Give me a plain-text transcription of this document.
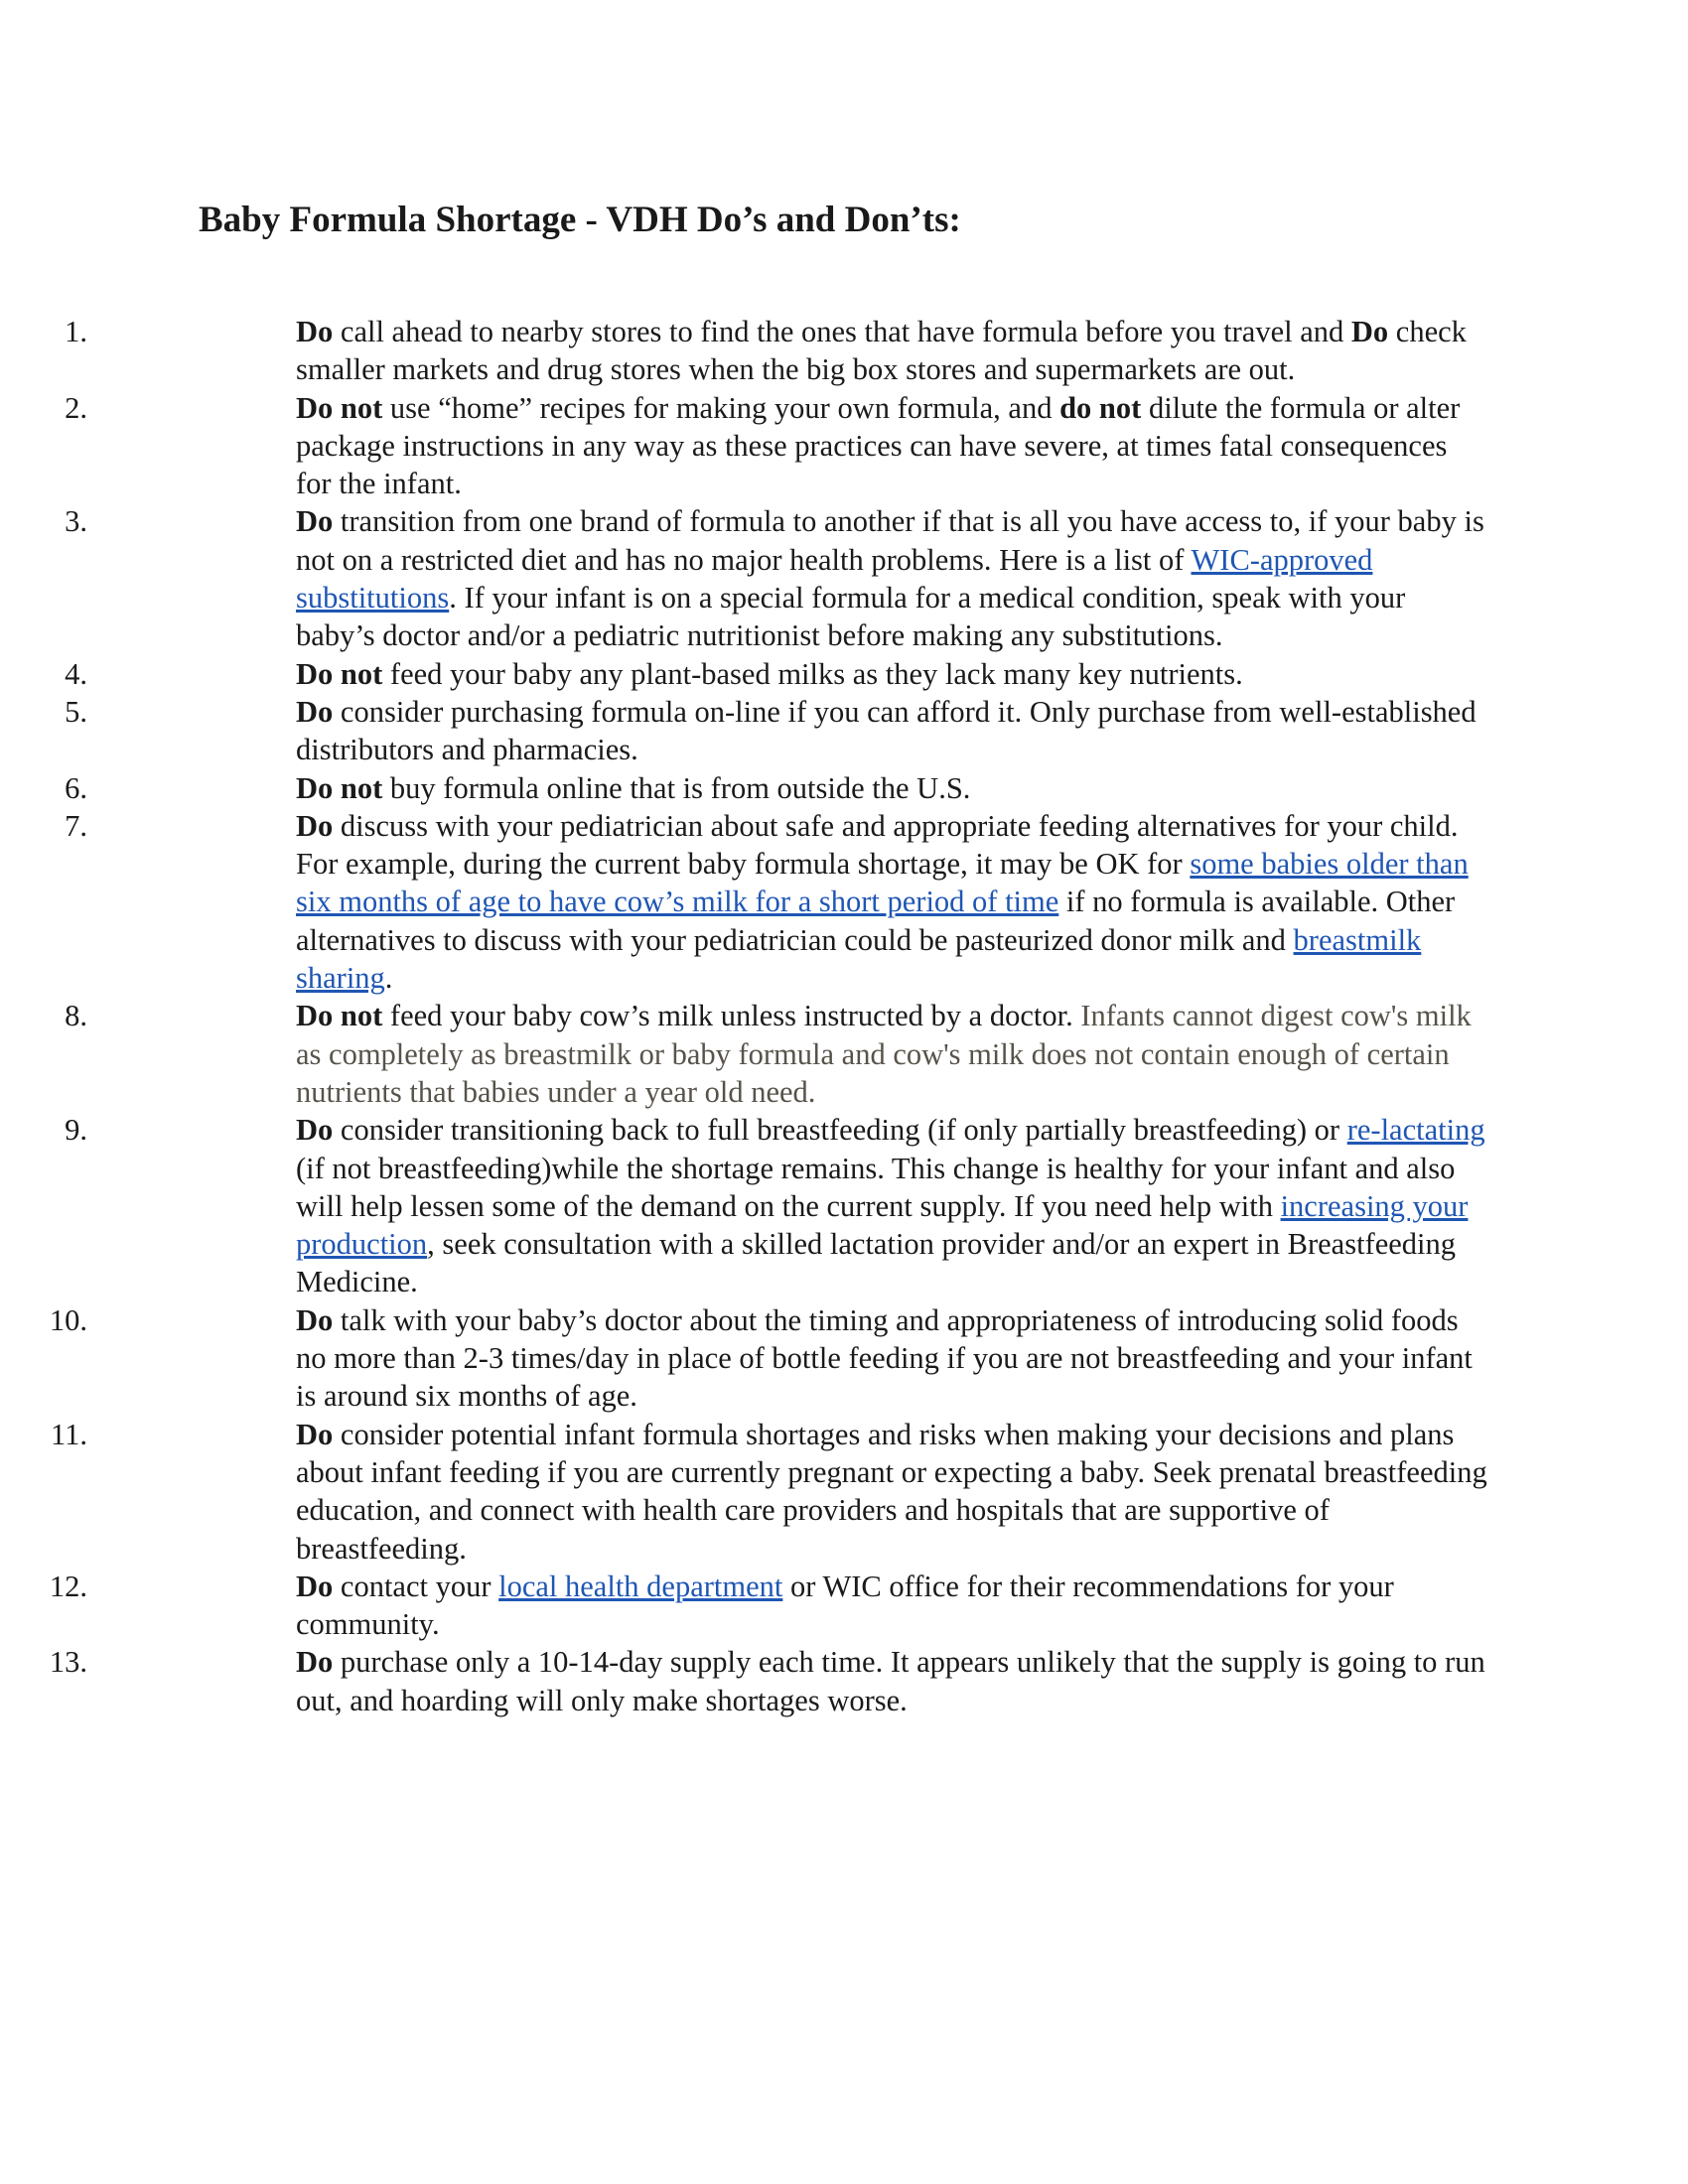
Baby Formula Shortage - VDH Do’s and Don’ts:
1.	Do call ahead to nearby stores to find the ones that have formula before you travel and Do check smaller markets and drug stores when the big box stores and supermarkets are out.
2.	Do not use “home” recipes for making your own formula, and do not dilute the formula or alter package instructions in any way as these practices can have severe, at times fatal consequences for the infant.
3.	Do transition from one brand of formula to another if that is all you have access to, if your baby is not on a restricted diet and has no major health problems. Here is a list of WIC-approved substitutions. If your infant is on a special formula for a medical condition, speak with your baby’s doctor and/or a pediatric nutritionist before making any substitutions.
4.	Do not feed your baby any plant-based milks as they lack many key nutrients.
5.	Do consider purchasing formula on-line if you can afford it. Only purchase from well-established distributors and pharmacies.
6.	Do not buy formula online that is from outside the U.S.
7.	Do discuss with your pediatrician about safe and appropriate feeding alternatives for your child. For example, during the current baby formula shortage, it may be OK for some babies older than six months of age to have cow’s milk for a short period of time if no formula is available. Other alternatives to discuss with your pediatrician could be pasteurized donor milk and breastmilk sharing.
8.	Do not feed your baby cow’s milk unless instructed by a doctor. Infants cannot digest cow's milk as completely as breastmilk or baby formula and cow's milk does not contain enough of certain nutrients that babies under a year old need.
9.	Do consider transitioning back to full breastfeeding (if only partially breastfeeding) or re-lactating (if not breastfeeding)while the shortage remains. This change is healthy for your infant and also will help lessen some of the demand on the current supply. If you need help with increasing your production, seek consultation with a skilled lactation provider and/or an expert in Breastfeeding Medicine.
10.	Do talk with your baby’s doctor about the timing and appropriateness of introducing solid foods no more than 2-3 times/day in place of bottle feeding if you are not breastfeeding and your infant is around six months of age.
11.	Do consider potential infant formula shortages and risks when making your decisions and plans about infant feeding if you are currently pregnant or expecting a baby. Seek prenatal breastfeeding education, and connect with health care providers and hospitals that are supportive of breastfeeding.
12.	Do contact your local health department or WIC office for their recommendations for your community.
13.	Do purchase only a 10-14-day supply each time. It appears unlikely that the supply is going to run out, and hoarding will only make shortages worse.
